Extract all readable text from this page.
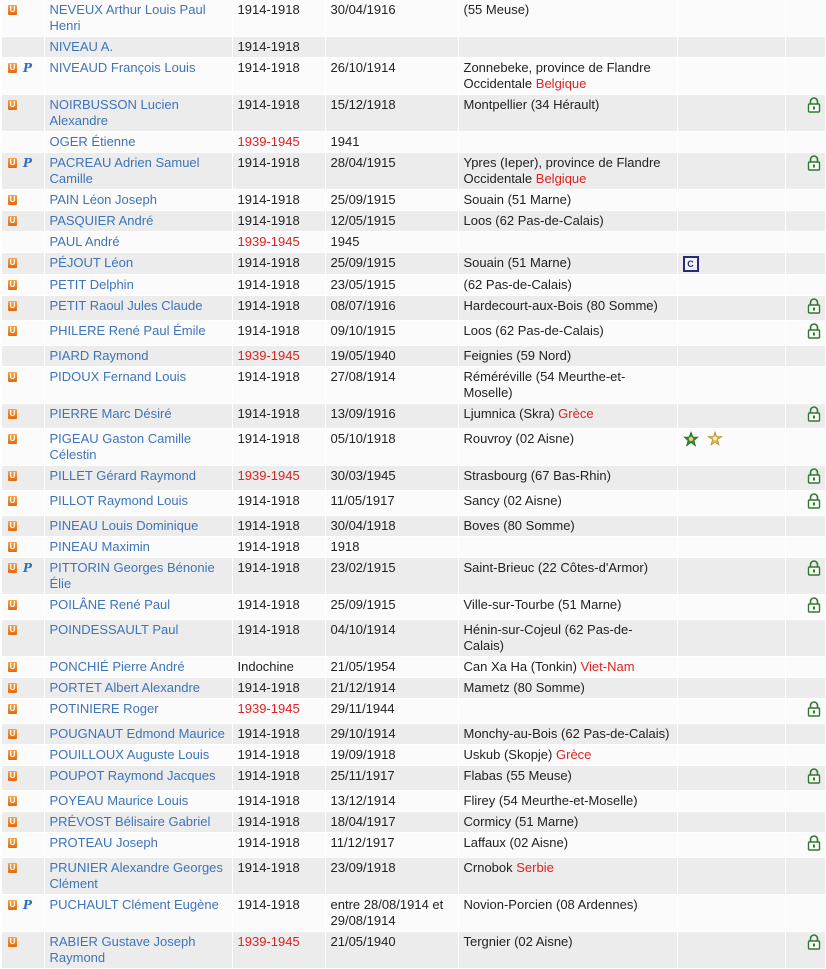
U	NEVEUX Arthur Louis Paul Henri	1914-1918	30/04/1916	(55 Meuse)		
	NIVEAU A.	1914-1918				
U P	NIVEAUD François Louis	1914-1918	26/10/1914	Zonnebeke, province de Flandre Occidentale Belgique		
U	NOIRBUSSON Lucien Alexandre	1914-1918	15/12/1918	Montpellier (34 Hérault)		
	OGER Étienne	1939-1945	1941			
U P	PACREAU Adrien Samuel Camille	1914-1918	28/04/1915	Ypres (Ieper), province de Flandre Occidentale Belgique		
U	PAIN Léon Joseph	1914-1918	25/09/1915	Souain (51 Marne)		
U	PASQUIER André	1914-1918	12/05/1915	Loos (62 Pas-de-Calais)		
	PAUL André	1939-1945	1945			
U	PÉJOUT Léon	1914-1918	25/09/1915	Souain (51 Marne)	C	
U	PETIT Delphin	1914-1918	23/05/1915	(62 Pas-de-Calais)		
U	PETIT Raoul Jules Claude	1914-1918	08/07/1916	Hardecourt-aux-Bois (80 Somme)		
U	PHILERE René Paul Émile	1914-1918	09/10/1915	Loos (62 Pas-de-Calais)		
	PIARD Raymond	1939-1945	19/05/1940	Feignies (59 Nord)		
U	PIDOUX Fernand Louis	1914-1918	27/08/1914	Réméréville (54 Meurthe-et-Moselle)		
U	PIERRE Marc Désiré	1914-1918	13/09/1916	Ljumnica (Skra) Grèce		
U	PIGEAU Gaston Camille Célestin	1914-1918	05/10/1918	Rouvroy (02 Aisne)		
U	PILLET Gérard Raymond	1939-1945	30/03/1945	Strasbourg (67 Bas-Rhin)		
U	PILLOT Raymond Louis	1914-1918	11/05/1917	Sancy (02 Aisne)		
U	PINEAU Louis Dominique	1914-1918	30/04/1918	Boves (80 Somme)		
U	PINEAU Maximin	1914-1918	1918			
U P	PITTORIN Georges Bénonie Élie	1914-1918	23/02/1915	Saint-Brieuc (22 Côtes-d'Armor)		
U	POILÂNE René Paul	1914-1918	25/09/1915	Ville-sur-Tourbe (51 Marne)		
U	POINDESSAULT Paul	1914-1918	04/10/1914	Hénin-sur-Cojeul (62 Pas-de-Calais)		
U	PONCHIÉ Pierre André	Indochine	21/05/1954	Can Xa Ha (Tonkin) Viet-Nam		
U	PORTET Albert Alexandre	1914-1918	21/12/1914	Mametz (80 Somme)		
U	POTINIERE Roger	1939-1945	29/11/1944			
U	POUGNAUT Edmond Maurice	1914-1918	29/10/1914	Monchy-au-Bois (62 Pas-de-Calais)		
U	POUILLOUX Auguste Louis	1914-1918	19/09/1918	Uskub (Skopje) Grèce		
U	POUPOT Raymond Jacques	1914-1918	25/11/1917	Flabas (55 Meuse)		
U	POYEAU Maurice Louis	1914-1918	13/12/1914	Flirey (54 Meurthe-et-Moselle)		
U	PRÉVOST Bélisaire Gabriel	1914-1918	18/04/1917	Cormicy (51 Marne)		
U	PROTEAU Joseph	1914-1918	11/12/1917	Laffaux (02 Aisne)		
U	PRUNIER Alexandre Georges Clément	1914-1918	23/09/1918	Crnobok Serbie		
U P	PUCHAULT Clément Eugène	1914-1918	entre 28/08/1914 et 29/08/1914	Novion-Porcien (08 Ardennes)		
U	RABIER Gustave Joseph Raymond	1939-1945	21/05/1940	Tergnier (02 Aisne)		
